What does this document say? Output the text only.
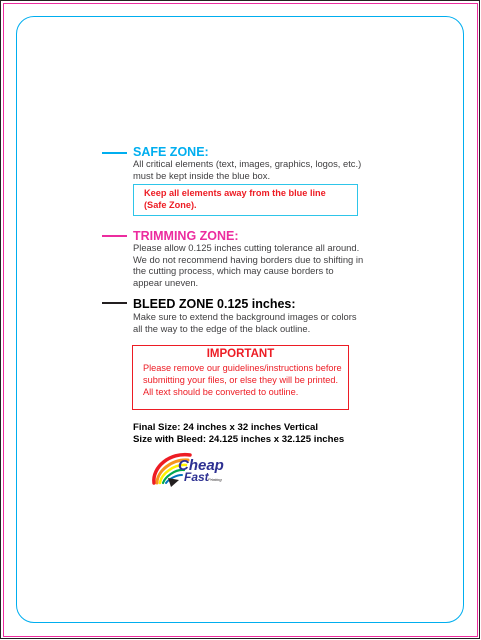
SAFE ZONE:

All critical elements (text, images, graphics, logos, etc.)
must be kept inside the blue box.

Keep all elements away from the blue line
(Safe Zone).
TRIMMING ZONE:

Please allow 0.125 inches cutting tolerance all around.
We do not recommend having borders due to shifting in
the cutting process, which may cause borders to
appear uneven.

BLEED ZONE 0.125 inches:

Make sure to extend the background images or colors
all the way to the edge of the black outline.

IMPORTANT
Please remove our guidelines/instructions before
submitting your files, or else they will be printed.
All text should be converted to outline.
Final Size: 24 inches x 32 inches Vertical
Size with Bleed: 24.125 inches x 32.125 inches
Cheap
Fast Printing
